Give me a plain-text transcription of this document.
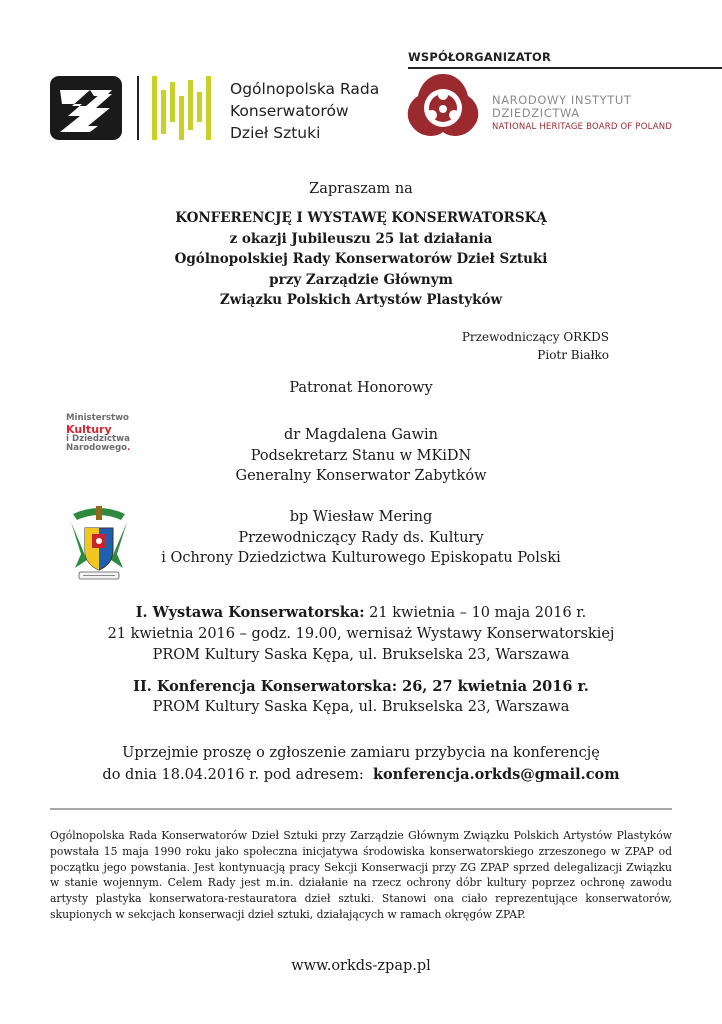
Ogólnopolska Rada
Konserwatorów
Dzieł Sztuki
WSPÓŁORGANIZATOR
NARODOWY INSTYTUT
DZIEDZICTWA
NATIONAL HERITAGE BOARD OF POLAND
Zapraszam na
KONFERENCJĘ I WYSTAWĘ KONSERWATORSKĄ
z okazji Jubileuszu 25 lat działania
Ogólnopolskiej Rady Konserwatorów Dzieł Sztuki
przy Zarządzie Głównym
Związku Polskich Artystów Plastyków
Przewodniczący ORKDS
Piotr Białko
Patronat Honorowy
Ministerstwo
Kultury
i Dziedzictwa
Narodowego.
dr Magdalena Gawin
Podsekretarz Stanu w MKiDN
Generalny Konserwator Zabytków
bp Wiesław Mering
Przewodniczący Rady ds. Kultury
i Ochrony Dziedzictwa Kulturowego Episkopatu Polski
I. Wystawa Konserwatorska: 21 kwietnia – 10 maja 2016 r.
21 kwietnia 2016 – godz. 19.00, wernisaż Wystawy Konserwatorskiej
PROM Kultury Saska Kępa, ul. Brukselska 23, Warszawa
II. Konferencja Konserwatorska: 26, 27 kwietnia 2016 r.
PROM Kultury Saska Kępa, ul. Brukselska 23, Warszawa
Uprzejmie proszę o zgłoszenie zamiaru przybycia na konferencję
do dnia 18.04.2016 r. pod adresem:  konferencja.orkds@gmail.com
Ogólnopolska Rada Konserwatorów Dzieł Sztuki przy Zarządzie Głównym Związku Polskich Artystów Plastyków powstała 15 maja 1990 roku jako społeczna inicjatywa środowiska konserwatorskiego zrzeszonego w ZPAP od początku jego powstania. Jest kontynuacją pracy Sekcji Konserwacji przy ZG ZPAP sprzed delegalizacji Związku w stanie wojennym. Celem Rady jest m.in. działanie na rzecz ochrony dóbr kultury poprzez ochronę zawodu artysty plastyka konserwatora-restauratora dzieł sztuki. Stanowi ona ciało reprezentujące konserwatorów, skupionych w sekcjach konserwacji dzieł sztuki, działających w ramach okręgów ZPAP.
www.orkds-zpap.pl
